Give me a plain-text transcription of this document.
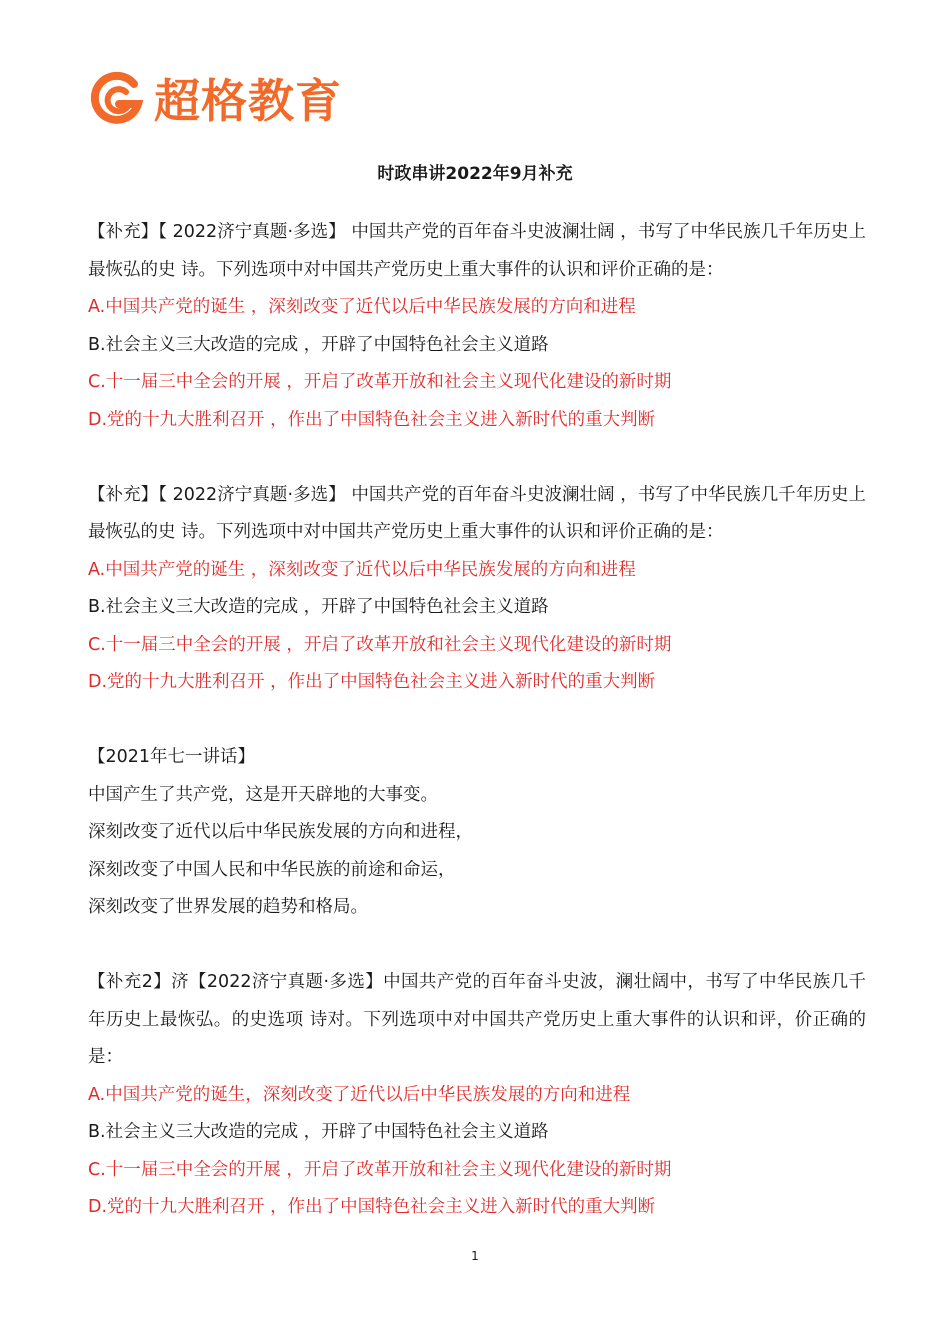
超格教育
时政串讲2022年9月补充
【补充】【 2022济宁真题·多选】 中国共产党的百年奋斗史波澜壮阔 ，书写了中华民族几千年历史上最恢弘的史 诗。下列选项中对中国共产党历史上重大事件的认识和评价正确的是：
A.中国共产党的诞生 ，深刻改变了近代以后中华民族发展的方向和进程
B.社会主义三大改造的完成 ，开辟了中国特色社会主义道路
C.十一届三中全会的开展 ，开启了改革开放和社会主义现代化建设的新时期
D.党的十九大胜利召开 ，作出了中国特色社会主义进入新时代的重大判断
【补充】【 2022济宁真题·多选】 中国共产党的百年奋斗史波澜壮阔 ，书写了中华民族几千年历史上最恢弘的史 诗。下列选项中对中国共产党历史上重大事件的认识和评价正确的是：
A.中国共产党的诞生 ，深刻改变了近代以后中华民族发展的方向和进程
B.社会主义三大改造的完成 ，开辟了中国特色社会主义道路
C.十一届三中全会的开展 ，开启了改革开放和社会主义现代化建设的新时期
D.党的十九大胜利召开 ，作出了中国特色社会主义进入新时代的重大判断
【2021年七一讲话】
中国产生了共产党，这是开天辟地的大事变。
深刻改变了近代以后中华民族发展的方向和进程，
深刻改变了中国人民和中华民族的前途和命运，
深刻改变了世界发展的趋势和格局。
【补充2】济【2022济宁真题·多选】中国共产党的百年奋斗史波，澜壮阔中，书写了中华民族几千年历史上最恢弘。的史选项 诗对。下列选项中对中国共产党历史上重大事件的认识和评，价正确的是：
A.中国共产党的诞生，深刻改变了近代以后中华民族发展的方向和进程
B.社会主义三大改造的完成 ，开辟了中国特色社会主义道路
C.十一届三中全会的开展 ，开启了改革开放和社会主义现代化建设的新时期
D.党的十九大胜利召开 ，作出了中国特色社会主义进入新时代的重大判断
1
